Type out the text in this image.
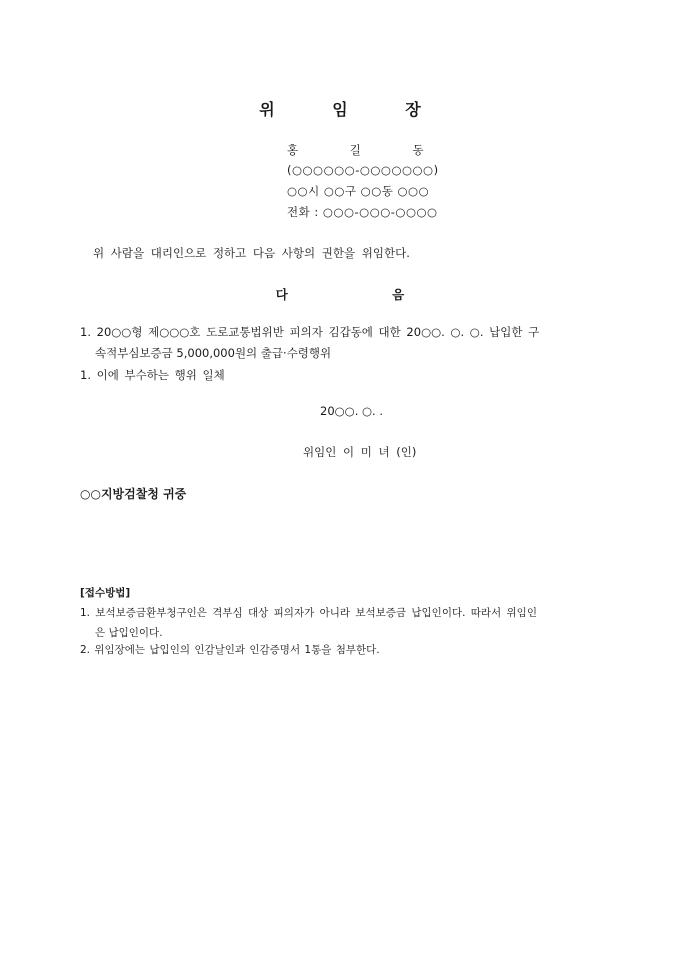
위 임 장
홍 길 동
(○○○○○○-○○○○○○○)
○○시 ○○구 ○○동 ○○○
전화 : ○○○-○○○-○○○○
위 사람을 대리인으로 정하고 다음 사항의 권한을 위임한다.
다 음
1. 20○○형 제○○○호 도로교통법위반 피의자 김갑동에 대한 20○○. ○. ○. 납입한 구
속적부심보증금 5,000,000원의 출급·수령행위
1. 이에 부수하는 행위 일체
20○○. ○. .
위임인 이 미 녀 (인)
○○지방검찰청 귀중
[접수방법]
1. 보석보증금환부청구인은 격부심 대상 피의자가 아니라 보석보증금 납입인이다. 따라서 위임인
은 납입인이다.
2. 위임장에는 납입인의 인감날인과 인감증명서 1통을 첨부한다.
